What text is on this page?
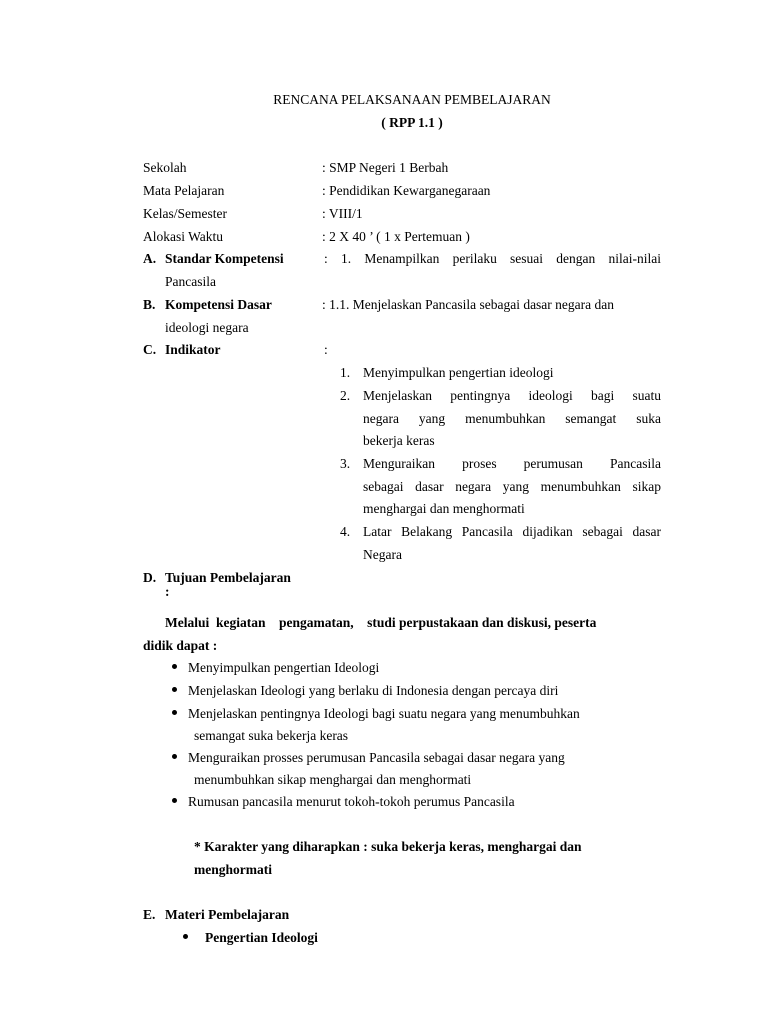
RENCANA PELAKSANAAN PEMBELAJARAN
( RPP 1.1 )
Sekolah	: SMP Negeri 1 Berbah
Mata Pelajaran	: Pendidikan Kewarganegaraan
Kelas/Semester	: VIII/1
Alokasi Waktu	: 2 X 40 ’ ( 1 x Pertemuan )
A. Standar Kompetensi	: 1. Menampilkan perilaku sesuai dengan nilai-nilai
Pancasila
B. Kompetensi Dasar	: 1.1. Menjelaskan Pancasila sebagai dasar negara dan
ideologi negara
C. Indikator	:
1. Menyimpulkan pengertian ideologi
2. Menjelaskan pentingnya ideologi bagi suatu
negara yang menumbuhkan semangat suka
bekerja keras
3. Menguraikan proses perumusan Pancasila
sebagai dasar negara yang menumbuhkan sikap
menghargai dan menghormati
4. Latar Belakang Pancasila dijadikan sebagai dasar
Negara
D. Tujuan Pembelajaran
:
Melalui  kegiatan    pengamatan,    studi perpustakaan dan diskusi, peserta
didik dapat :
Menyimpulkan pengertian Ideologi
Menjelaskan Ideologi yang berlaku di Indonesia dengan percaya diri
Menjelaskan pentingnya Ideologi bagi suatu negara yang menumbuhkan
semangat suka bekerja keras
Menguraikan prosses perumusan Pancasila sebagai dasar negara yang
menumbuhkan sikap menghargai dan menghormati
Rumusan pancasila menurut tokoh-tokoh perumus Pancasila
* Karakter yang diharapkan : suka bekerja keras, menghargai dan
menghormati
E. Materi Pembelajaran
Pengertian Ideologi
